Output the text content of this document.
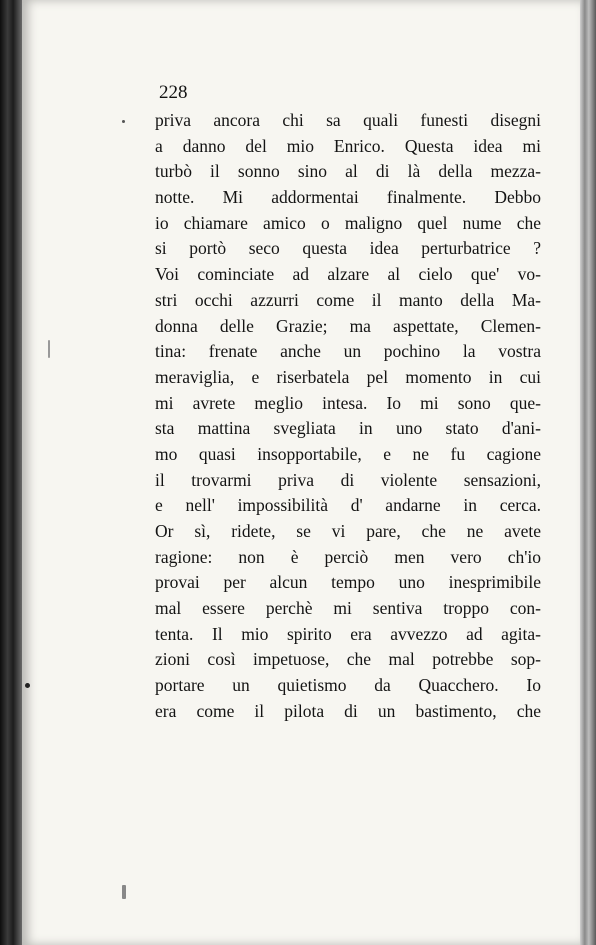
228
priva ancora chi sa quali funesti disegni
a danno del mio Enrico. Questa idea mi
turbò il sonno sino al di là della mezza-
notte. Mi addormentai finalmente. Debbo
io chiamare amico o maligno quel nume che
si portò seco questa idea perturbatrice ?
Voi cominciate ad alzare al cielo que' vo-
stri occhi azzurri come il manto della Ma-
donna delle Grazie; ma aspettate, Clemen-
tina: frenate anche un pochino la vostra
meraviglia, e riserbatela pel momento in cui
mi avrete meglio intesa. Io mi sono que-
sta mattina svegliata in uno stato d'ani-
mo quasi insopportabile, e ne fu cagione
il trovarmi priva di violente sensazioni,
e nell' impossibilità d' andarne in cerca.
Or sì, ridete, se vi pare, che ne avete
ragione: non è perciò men vero ch'io
provai per alcun tempo uno inesprimibile
mal essere perchè mi sentiva troppo con-
tenta. Il mio spirito era avvezzo ad agita-
zioni così impetuose, che mal potrebbe sop-
portare un quietismo da Quacchero. Io
era come il pilota di un bastimento, che
